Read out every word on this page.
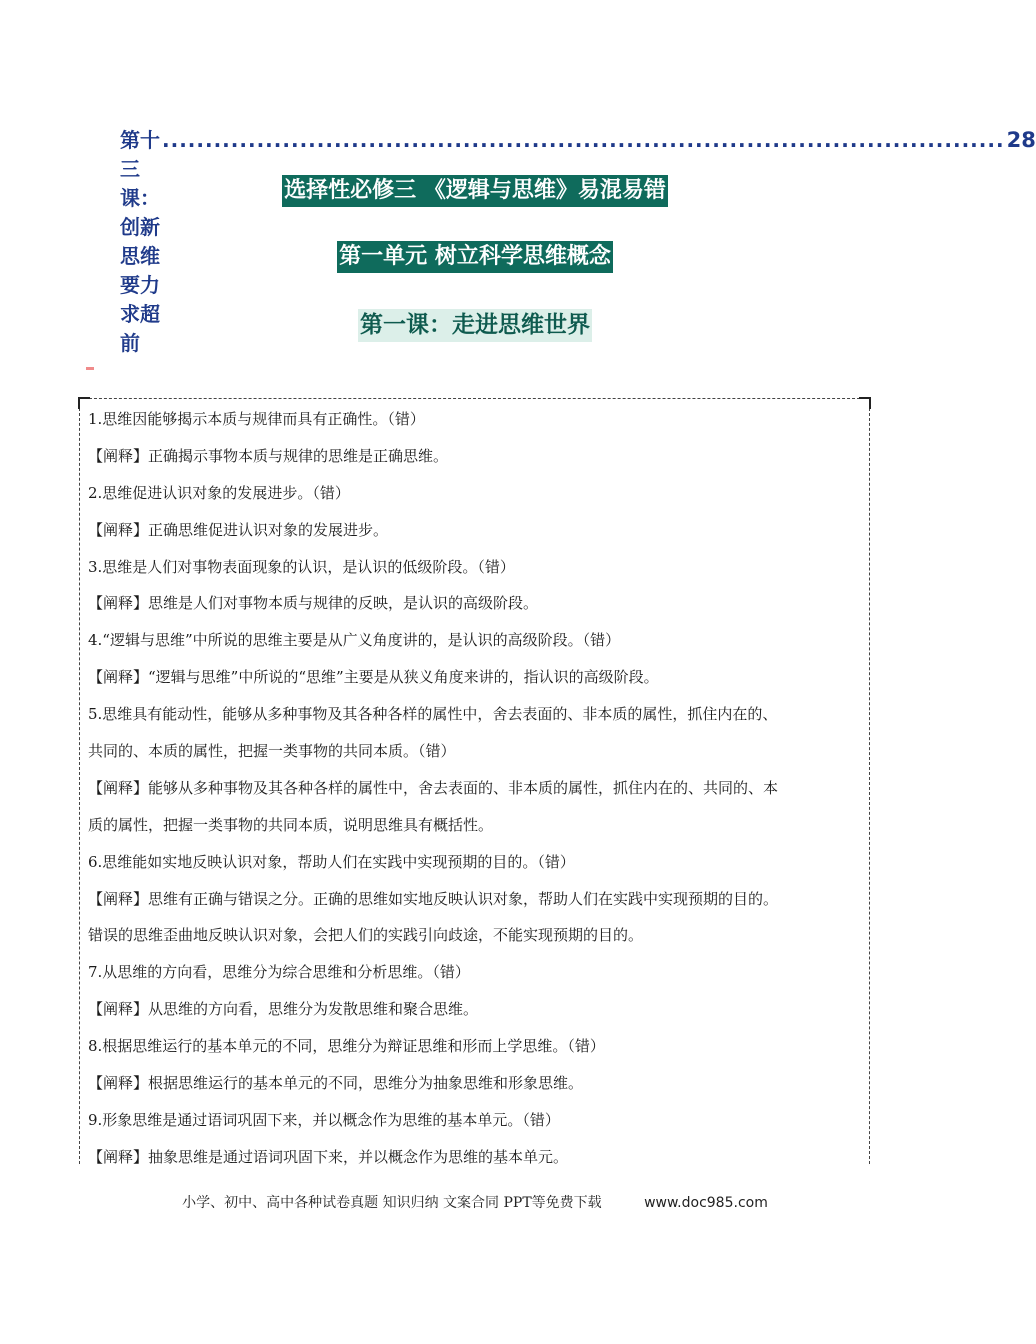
第十三课：创新思维要力求超前
.................................................................................................. 28
选择性必修三 《逻辑与思维》易混易错
第一单元 树立科学思维概念
第一课：走进思维世界
1.思维因能够揭示本质与规律而具有正确性。（错）
【阐释】正确揭示事物本质与规律的思维是正确思维。
2.思维促进认识对象的发展进步。（错）
【阐释】正确思维促进认识对象的发展进步。
3.思维是人们对事物表面现象的认识，是认识的低级阶段。（错）
【阐释】思维是人们对事物本质与规律的反映，是认识的高级阶段。
4.“逻辑与思维”中所说的思维主要是从广义角度讲的，是认识的高级阶段。（错）
【阐释】“逻辑与思维”中所说的“思维”主要是从狭义角度来讲的，指认识的高级阶段。
5.思维具有能动性，能够从多种事物及其各种各样的属性中，舍去表面的、非本质的属性，抓住内在的、
共同的、本质的属性，把握一类事物的共同本质。（错）
【阐释】能够从多种事物及其各种各样的属性中，舍去表面的、非本质的属性，抓住内在的、共同的、本
质的属性，把握一类事物的共同本质，说明思维具有概括性。
6.思维能如实地反映认识对象，帮助人们在实践中实现预期的目的。（错）
【阐释】思维有正确与错误之分。正确的思维如实地反映认识对象，帮助人们在实践中实现预期的目的。
错误的思维歪曲地反映认识对象，会把人们的实践引向歧途，不能实现预期的目的。
7.从思维的方向看，思维分为综合思维和分析思维。（错）
【阐释】从思维的方向看，思维分为发散思维和聚合思维。
8.根据思维运行的基本单元的不同，思维分为辩证思维和形而上学思维。（错）
【阐释】根据思维运行的基本单元的不同，思维分为抽象思维和形象思维。
9.形象思维是通过语词巩固下来，并以概念作为思维的基本单元。（错）
【阐释】抽象思维是通过语词巩固下来，并以概念作为思维的基本单元。
小学、初中、高中各种试卷真题 知识归纳 文案合同 PPT等免费下载	www.doc985.com
